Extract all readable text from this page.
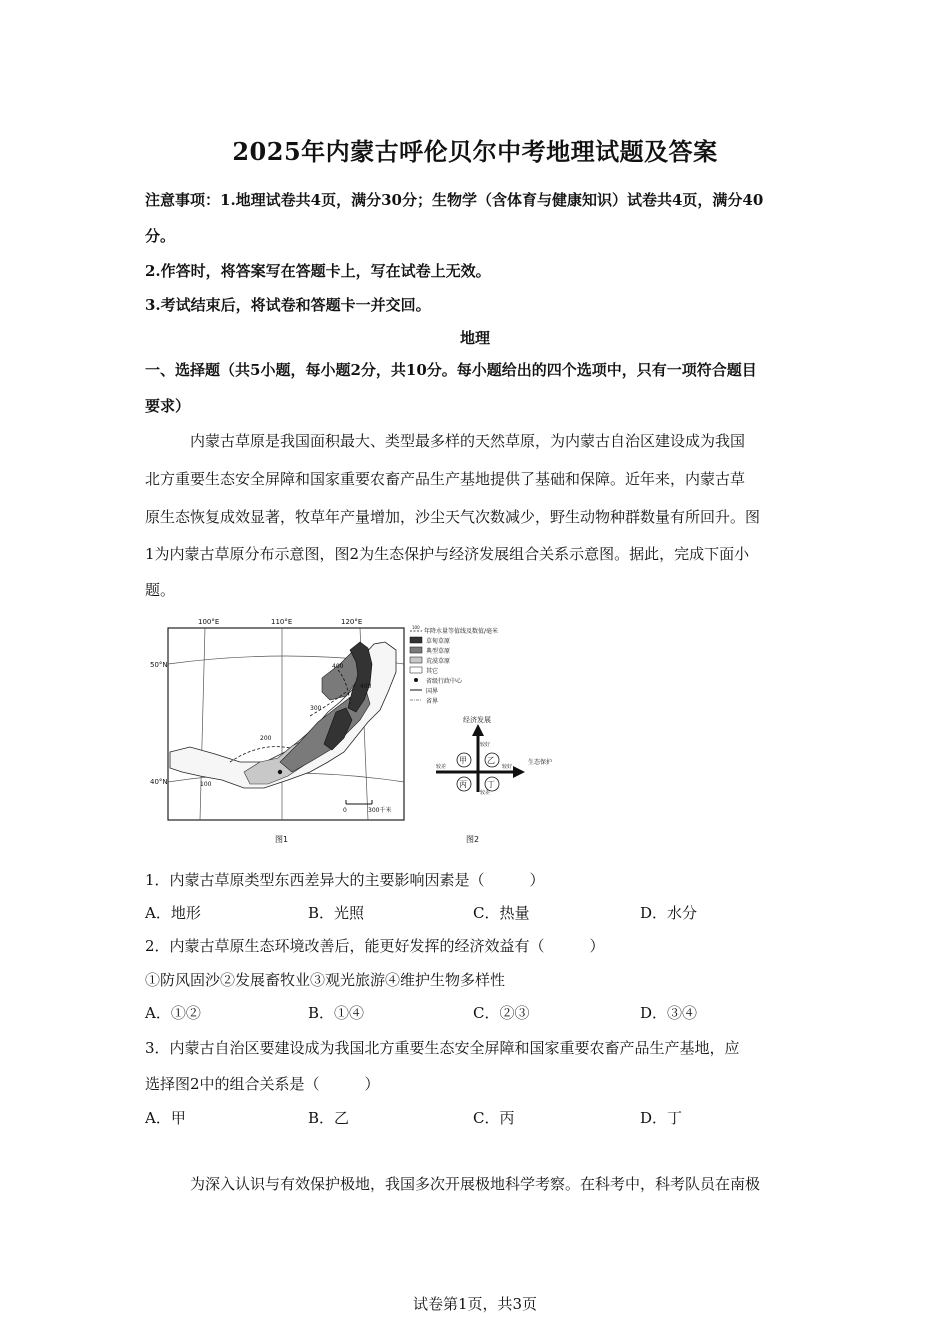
2025年内蒙古呼伦贝尔中考地理试题及答案
注意事项：1.地理试卷共4页，满分30分；生物学（含体育与健康知识）试卷共4页，满分40
分。
2.作答时，将答案写在答题卡上，写在试卷上无效。
3.考试结束后，将试卷和答题卡一并交回。
地理
一、选择题（共5小题，每小题2分，共10分。每小题给出的四个选项中，只有一项符合题目
要求）
内蒙古草原是我国面积最大、类型最多样的天然草原，为内蒙古自治区建设成为我国
北方重要生态安全屏障和国家重要农畜产品生产基地提供了基础和保障。近年来，内蒙古草
原生态恢复成效显著，牧草年产量增加，沙尘天气次数减少，野生动物种群数量有所回升。图
1为内蒙古草原分布示意图，图2为生态保护与经济发展组合关系示意图。据此，完成下面小
题。
100°E	110°E	120°E
50°N
40°N	100
200
300
400
400
0	300千米
图1
100
年降水量等值线及数值/毫米
草甸草原
典型草原
荒漠草原
其它
省级行政中心
国界
省界
经济发展
生态保护
较差	较好
较好
较差
甲	乙
丙	丁
图2
1．内蒙古草原类型东西差异大的主要影响因素是（　　　）
A．地形	B．光照	C．热量	D．水分
2．内蒙古草原生态环境改善后，能更好发挥的经济效益有（　　　）
①防风固沙②发展畜牧业③观光旅游④维护生物多样性
A．①②	B．①④	C．②③	D．③④
3．内蒙古自治区要建设成为我国北方重要生态安全屏障和国家重要农畜产品生产基地，应
选择图2中的组合关系是（　　　）
A．甲	B．乙	C．丙	D．丁
为深入认识与有效保护极地，我国多次开展极地科学考察。在科考中，科考队员在南极
试卷第1页，共3页
